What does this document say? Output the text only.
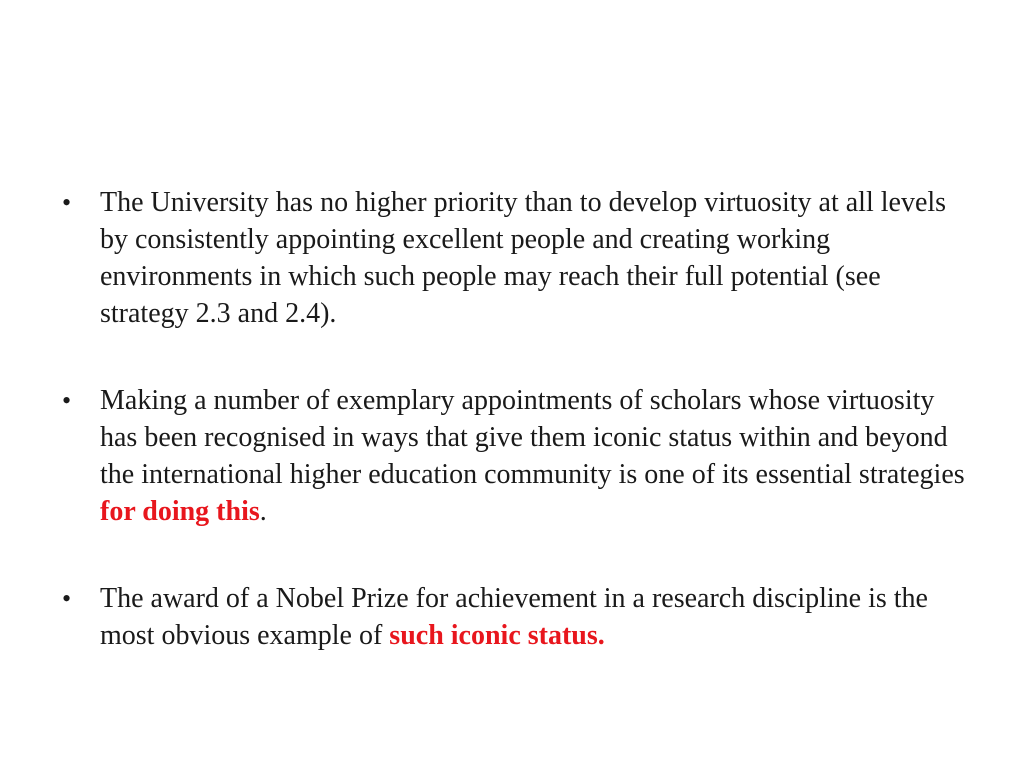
•	The University has no higher priority than to develop virtuosity at all levels by consistently appointing excellent people and creating working environments in which such people may reach their full potential (see strategy 2.3 and 2.4).
•	Making a number of exemplary appointments of scholars whose virtuosity has been recognised in ways that give them iconic status within and beyond the international higher education community is one of its essential strategies for doing this.
•	The award of a Nobel Prize for achievement in a research discipline is the most obvious example of such iconic status.
